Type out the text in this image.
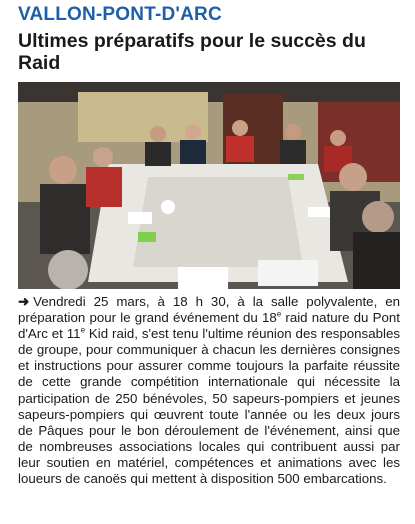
VALLON-PONT-D'ARC
Ultimes préparatifs pour le succès du Raid

➜ Vendredi 25 mars, à 18 h 30, à la salle polyvalente, en préparation pour le grand événement du 18e raid nature du Pont d'Arc et 11e Kid raid, s'est tenu l'ultime réunion des responsables de groupe, pour communiquer à chacun les dernières consignes et instructions pour assurer comme toujours la parfaite réussite de cette grande compétition internationale qui nécessite la participation de 250 bénévoles, 50 sapeurs-pompiers et jeunes sapeurs-pompiers qui œuvrent toute l'année ou les deux jours de Pâques pour le bon déroulement de l'événement, ainsi que de nombreuses associations locales qui contribuent aussi par leur soutien en matériel, compétences et animations avec les loueurs de canoës qui mettent à disposition 500 embarcations.
